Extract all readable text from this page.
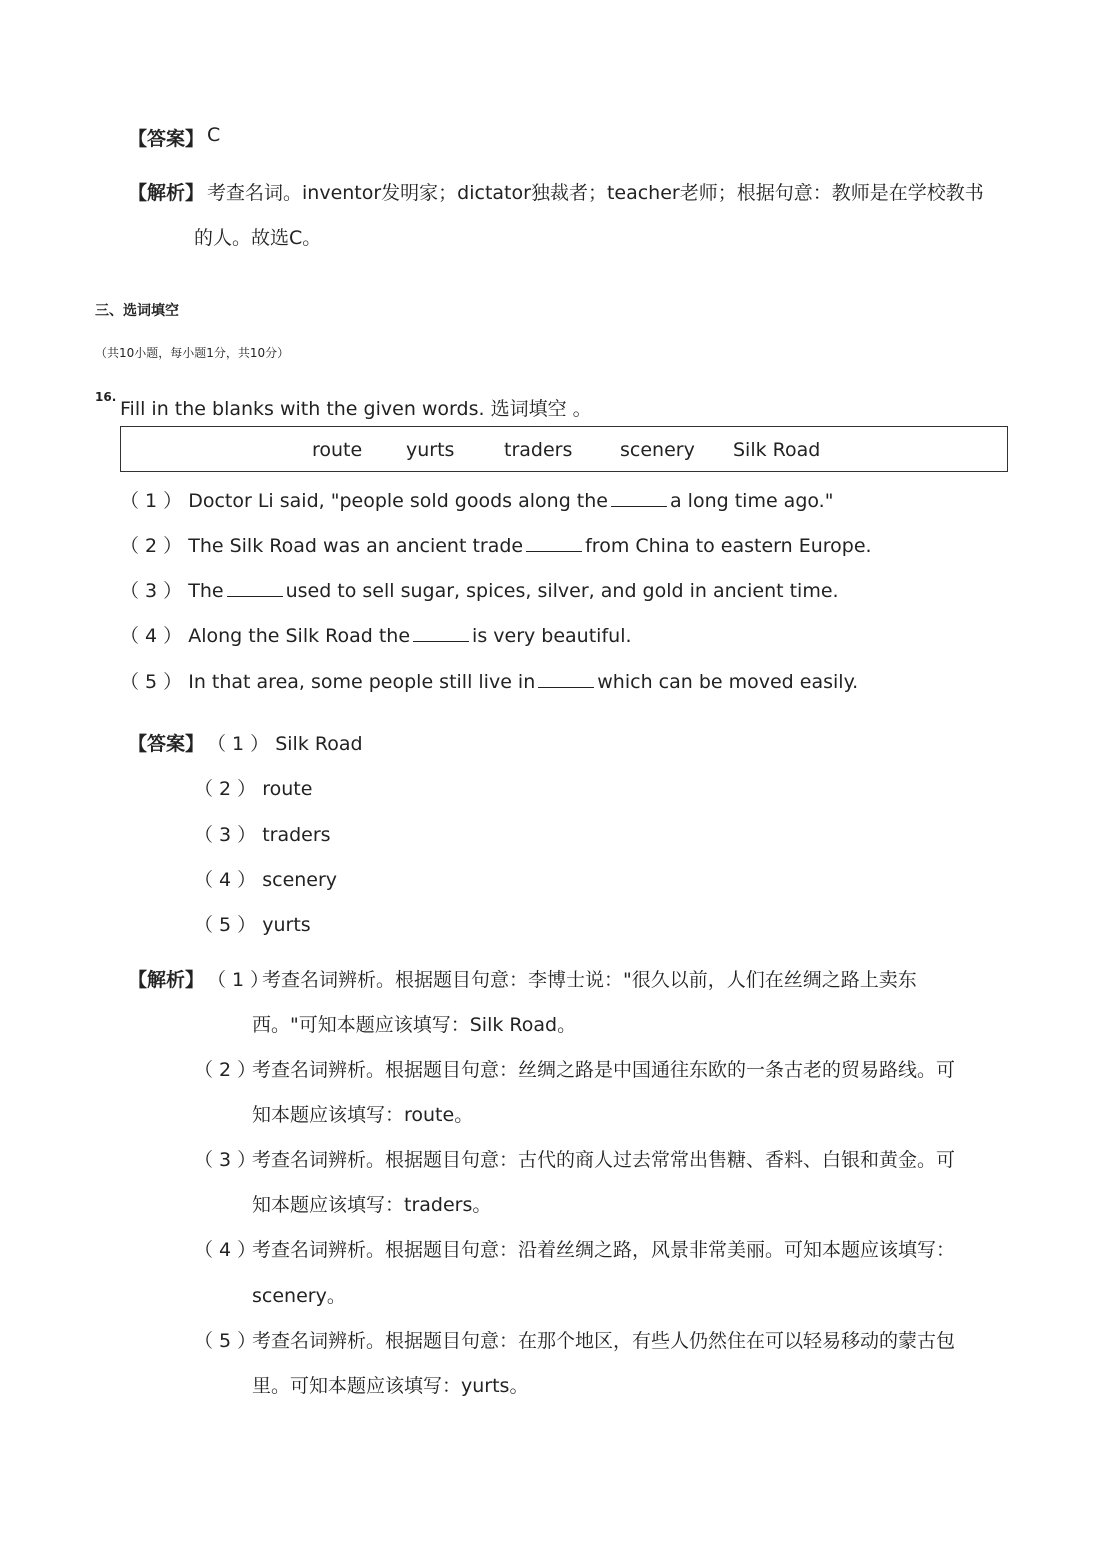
【答案】 C
【解析】 考查名词。inventor发明家；dictator独裁者；teacher老师；根据句意：教师是在学校教书
的人。故选C。
三、选词填空
（共10小题，每小题1分，共10分）
16.
Fill in the blanks with the given words. 选词填空 。
route yurts	traders	scenery Silk Road
（ 1 ） Doctor Li said, "people sold goods along the	a long time ago."
（ 2 ） The Silk Road was an ancient trade	from China to eastern Europe.
（ 3 ） The	used to sell sugar, spices, silver, and gold in ancient time.
（ 4 ） Along the Silk Road the	is very beautiful.
（ 5 ） In that area, some people still live in	which can be moved easily.
【答案】 （ 1 ） Silk Road
（ 2 ） route
（ 3 ） traders
（ 4 ） scenery
（ 5 ） yurts
【解析】 （ 1 ）
考查名词辨析。根据题目句意：李博士说："很久以前，人们在丝绸之路上卖东
西。"可知本题应该填写：Silk Road。
（ 2 ）
考查名词辨析。根据题目句意：丝绸之路是中国通往东欧的一条古老的贸易路线。可
知本题应该填写：route。
（ 3 ）
考查名词辨析。根据题目句意：古代的商人过去常常出售糖、香料、白银和黄金。可
知本题应该填写：traders。
（ 4 ）
考查名词辨析。根据题目句意：沿着丝绸之路，风景非常美丽。可知本题应该填写：
scenery。
（ 5 ）
考查名词辨析。根据题目句意：在那个地区，有些人仍然住在可以轻易移动的蒙古包
里。可知本题应该填写：yurts。
